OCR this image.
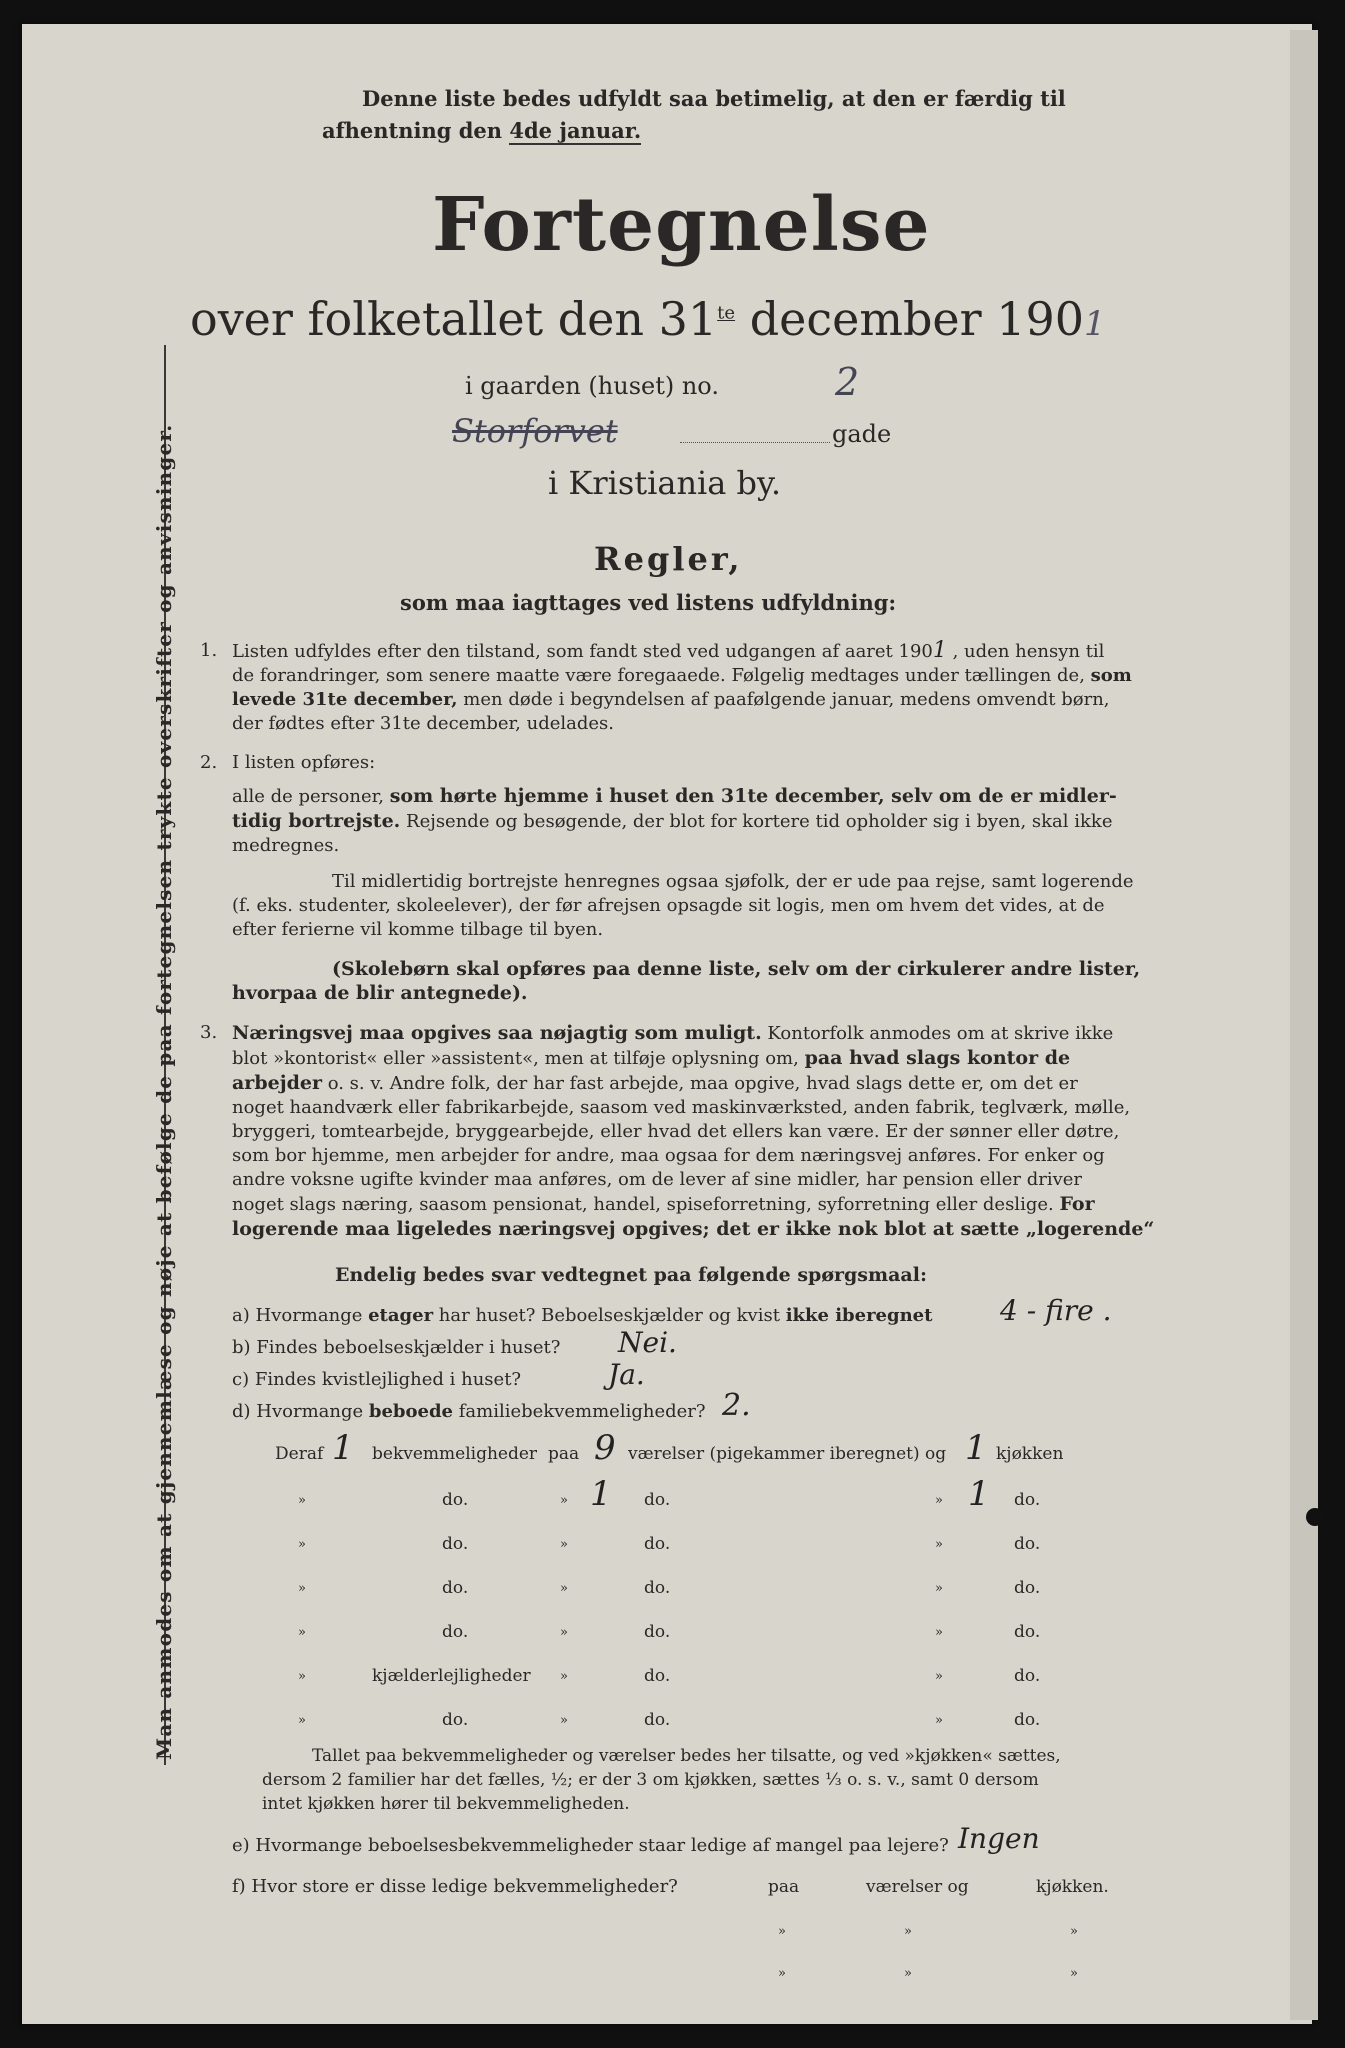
Man anmodes om at gjennemlæse og nøje at befølge de paa fortegnelsen trykte overskrifter og anvisninger.
Denne liste bedes udfyldt saa betimelig, at den er færdig til
afhentning den 4de januar.
Fortegnelse
over folketallet den $31^{te}$ december 1901
i gaarden (huset) no.	2
Storforvet	gade
i Kristiania by.
Regler,
som maa iagttages ved listens udfyldning:
1. Listen udfyldes efter den tilstand, som fandt sted ved udgangen af aaret 1901 , uden hensyn til
de forandringer, som senere maatte være foregaaede. Følgelig medtages under tællingen de, som
levede 31te december, men døde i begyndelsen af paafølgende januar, medens omvendt børn,
der fødtes efter 31te december, udelades.
2. I listen opføres:
alle de personer, som hørte hjemme i huset den 31te december, selv om de er midler-
tidig bortrejste. Rejsende og besøgende, der blot for kortere tid opholder sig i byen, skal ikke
medregnes.
Til midlertidig bortrejste henregnes ogsaa sjøfolk, der er ude paa rejse, samt logerende
(f. eks. studenter, skoleelever), der før afrejsen opsagde sit logis, men om hvem det vides, at de
efter ferierne vil komme tilbage til byen.
(Skolebørn skal opføres paa denne liste, selv om der cirkulerer andre lister,
hvorpaa de blir antegnede).
3. Næringsvej maa opgives saa nøjagtig som muligt. Kontorfolk anmodes om at skrive ikke
blot »kontorist« eller »assistent«, men at tilføje oplysning om, paa hvad slags kontor de
arbejder o. s. v. Andre folk, der har fast arbejde, maa opgive, hvad slags dette er, om det er
noget haandværk eller fabrikarbejde, saasom ved maskinværksted, anden fabrik, teglværk, mølle,
bryggeri, tomtearbejde, bryggearbejde, eller hvad det ellers kan være. Er der sønner eller døtre,
som bor hjemme, men arbejder for andre, maa ogsaa for dem næringsvej anføres. For enker og
andre voksne ugifte kvinder maa anføres, om de lever af sine midler, har pension eller driver
noget slags næring, saasom pensionat, handel, spiseforretning, syforretning eller deslige. For
logerende maa ligeledes næringsvej opgives; det er ikke nok blot at sætte „logerende“
Endelig bedes svar vedtegnet paa følgende spørgsmaal:
a) Hvormange etager har huset? Beboelseskjælder og kvist ikke iberegnet 4 - fire .
b) Findes beboelseskjælder i huset? Nei.
c) Findes kvistlejlighed i huset?	Ja.
d) Hvormange beboede familiebekvemmeligheder? 2.
Deraf 1 bekvemmeligheder paa 9 værelser (pigekammer iberegnet) og 1 kjøkken
»	do.	» 1 do.	» 1 do.
»	do.	»	do.	»	do.
»	do.	»	do.	»	do.
»	do.	»	do.	»	do.
»	kjælderlejligheder »	do.	»	do.
»	do.	»	do.	»	do.
Tallet paa bekvemmeligheder og værelser bedes her tilsatte, og ved »kjøkken« sættes,
dersom 2 familier har det fælles, ½; er der 3 om kjøkken, sættes ⅓ o. s. v., samt 0 dersom
intet kjøkken hører til bekvemmeligheden.
e) Hvormange beboelsesbekvemmeligheder staar ledige af mangel paa lejere? Ingen
f) Hvor store er disse ledige bekvemmeligheder?	paa	værelser og	kjøkken.
»	»	»
»	»	»
